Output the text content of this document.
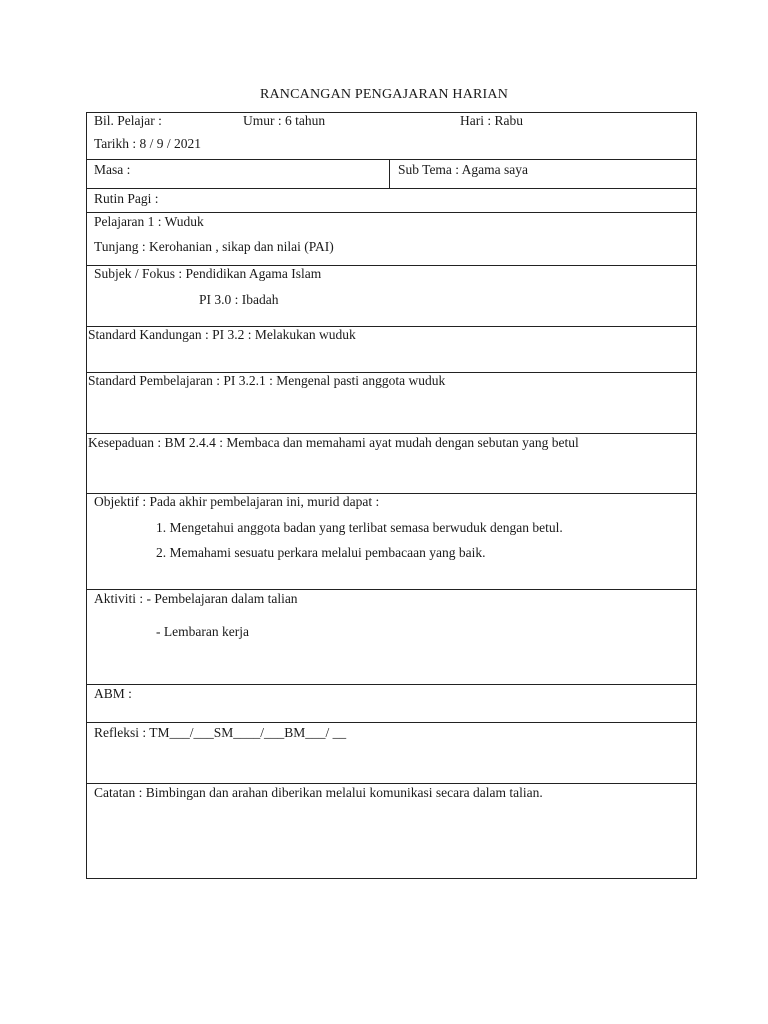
RANCANGAN PENGAJARAN HARIAN
Bil. Pelajar :	Umur : 6 tahun	Hari : Rabu
Tarikh : 8 / 9 / 2021
Masa :	Sub Tema : Agama saya
Rutin Pagi :
Pelajaran 1 : Wuduk
Tunjang : Kerohanian , sikap dan nilai (PAI)
Subjek / Fokus : Pendidikan Agama Islam
PI 3.0 : Ibadah
Standard Kandungan : PI 3.2 : Melakukan wuduk
Standard Pembelajaran : PI 3.2.1 : Mengenal pasti anggota wuduk
Kesepaduan : BM 2.4.4 : Membaca dan memahami ayat mudah dengan sebutan yang betul
Objektif : Pada akhir pembelajaran ini, murid dapat :
1. Mengetahui anggota badan yang terlibat semasa berwuduk dengan betul.
2. Memahami sesuatu perkara melalui pembacaan yang baik.
Aktiviti : - Pembelajaran dalam talian
- Lembaran kerja
ABM :
Refleksi : TM___/___SM____/___BM___/ __
Catatan : Bimbingan dan arahan diberikan melalui komunikasi secara dalam talian.
